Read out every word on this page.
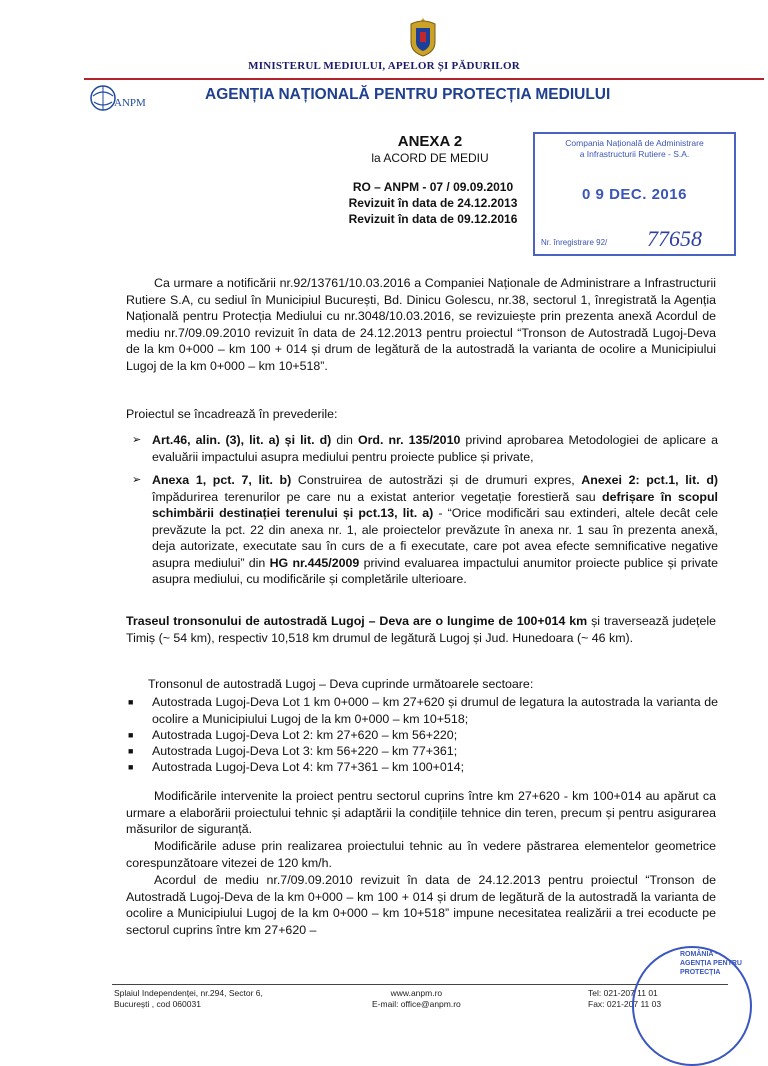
MINISTERUL MEDIULUI, APELOR ȘI PĂDURILOR
ANPM	AGENȚIA NAȚIONALĂ PENTRU PROTECȚIA MEDIULUI
ANEXA 2
la ACORD DE MEDIU
RO – ANPM - 07 / 09.09.2010
Revizuit în data de 24.12.2013
Revizuit în data de 09.12.2016
Compania Națională de Administrare
a Infrastructurii Rutiere - S.A.
0 9 DEC. 2016
Nr. înregistrare 92/ 77658
Ca urmare a notificării nr.92/13761/10.03.2016 a Companiei Naționale de Administrare a Infrastructurii Rutiere S.A, cu sediul în Municipiul București, Bd. Dinicu Golescu, nr.38, sectorul 1, înregistrată la Agenția Națională pentru Protecția Mediului cu nr.3048/10.03.2016, se revizuiește prin prezenta anexă Acordul de mediu nr.7/09.09.2010 revizuit în data de 24.12.2013 pentru proiectul “Tronson de Autostradă Lugoj-Deva de la km 0+000 – km 100 + 014 și drum de legătură de la autostradă la varianta de ocolire a Municipiului Lugoj de la km 0+000 – km 10+518”.
Proiectul se încadrează în prevederile:
➢ Art.46, alin. (3), lit. a) și lit. d) din Ord. nr. 135/2010 privind aprobarea Metodologiei de aplicare a evaluării impactului asupra mediului pentru proiecte publice și private,
➢ Anexa 1, pct. 7, lit. b) Construirea de autostrăzi și de drumuri expres, Anexei 2: pct.1, lit. d) împădurirea terenurilor pe care nu a existat anterior vegetație forestieră sau defrișare în scopul schimbării destinației terenului și pct.13, lit. a) - “Orice modificări sau extinderi, altele decât cele prevăzute la pct. 22 din anexa nr. 1, ale proiectelor prevăzute în anexa nr. 1 sau în prezenta anexă, deja autorizate, executate sau în curs de a fi executate, care pot avea efecte semnificative negative asupra mediului” din HG nr.445/2009 privind evaluarea impactului anumitor proiecte publice și private asupra mediului, cu modificările și completările ulterioare.
Traseul tronsonului de autostradă Lugoj – Deva are o lungime de 100+014 km și traversează județele Timiș (~ 54 km), respectiv 10,518 km drumul de legătură Lugoj și Jud. Hunedoara (~ 46 km).
Tronsonul de autostradă Lugoj – Deva cuprinde următoarele sectoare:
■ Autostrada Lugoj-Deva Lot 1 km 0+000 – km 27+620 și drumul de legatura la autostrada la varianta de ocolire a Municipiului Lugoj de la km 0+000 – km 10+518;
■ Autostrada Lugoj-Deva Lot 2: km 27+620 – km 56+220;
■ Autostrada Lugoj-Deva Lot 3: km 56+220 – km 77+361;
■ Autostrada Lugoj-Deva Lot 4: km 77+361 – km 100+014;
Modificările intervenite la proiect pentru sectorul cuprins între km 27+620 - km 100+014 au apărut ca urmare a elaborării proiectului tehnic și adaptării la condițiile tehnice din teren, precum și pentru asigurarea măsurilor de siguranță.
Modificările aduse prin realizarea proiectului tehnic au în vedere păstrarea elementelor geometrice corespunzătoare vitezei de 120 km/h.
Acordul de mediu nr.7/09.09.2010 revizuit în data de 24.12.2013 pentru proiectul “Tronson de Autostradă Lugoj-Deva de la km 0+000 – km 100 + 014 și drum de legătură de la autostradă la varianta de ocolire a Municipiului Lugoj de la km 0+000 – km 10+518” impune necesitatea realizării a trei ecoducte pe sectorul cuprins între km 27+620 –
Splaiul Independenței, nr.294, Sector 6,
București , cod 060031
www.anpm.ro
E-mail: office@anpm.ro
Tel: 021-207 11 01
Fax: 021-207 11 03
ROMÂNIA · AGENȚIA PENTRU PROTECȚIA
